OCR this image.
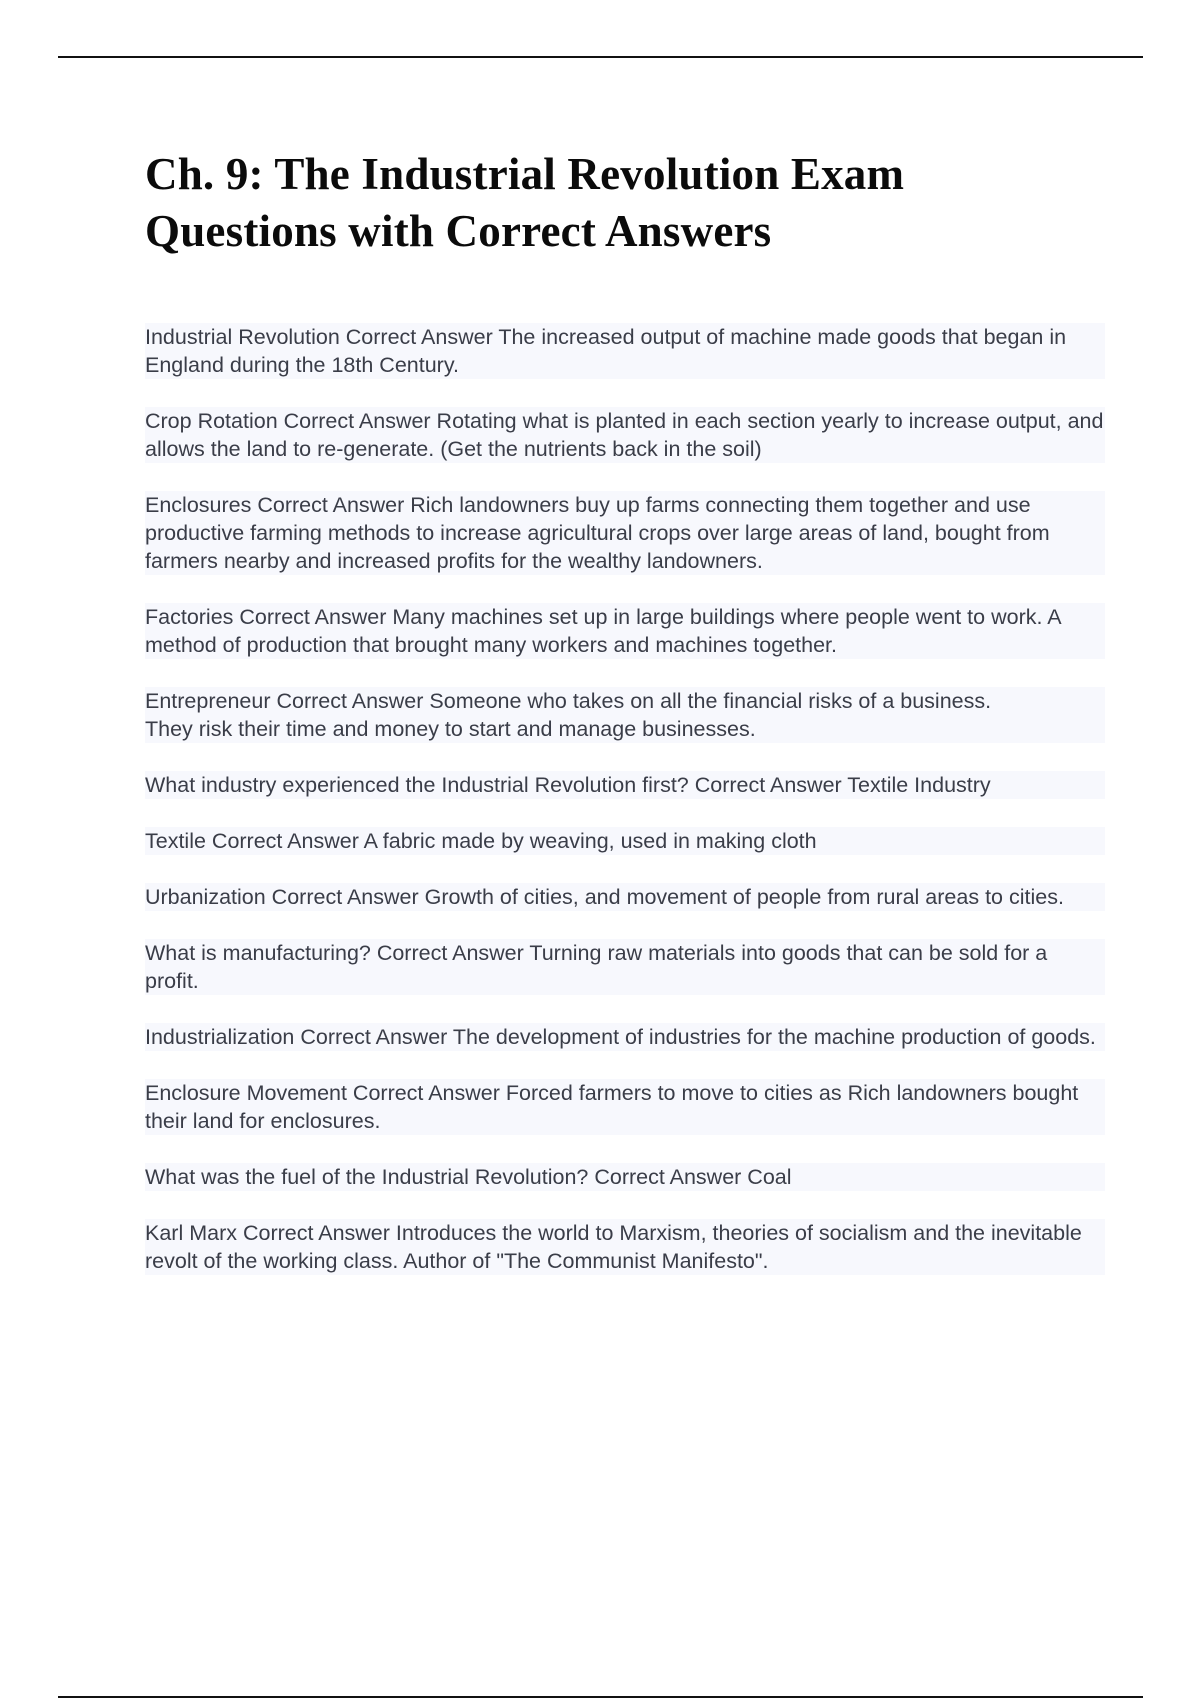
Ch. 9: The Industrial Revolution Exam Questions with Correct Answers
Industrial Revolution Correct Answer The increased output of machine made goods that began in England during the 18th Century.
Crop Rotation Correct Answer Rotating what is planted in each section yearly to increase output, and allows the land to re-generate. (Get the nutrients back in the soil)
Enclosures Correct Answer Rich landowners buy up farms connecting them together and use productive farming methods to increase agricultural crops over large areas of land, bought from farmers nearby and increased profits for the wealthy landowners.
Factories Correct Answer Many machines set up in large buildings where people went to work. A method of production that brought many workers and machines together.
Entrepreneur Correct Answer Someone who takes on all the financial risks of a business.
They risk their time and money to start and manage businesses.
What industry experienced the Industrial Revolution first? Correct Answer Textile Industry
Textile Correct Answer A fabric made by weaving, used in making cloth
Urbanization Correct Answer Growth of cities, and movement of people from rural areas to cities.
What is manufacturing? Correct Answer Turning raw materials into goods that can be sold for a profit.
Industrialization Correct Answer The development of industries for the machine production of goods.
Enclosure Movement Correct Answer Forced farmers to move to cities as Rich landowners bought their land for enclosures.
What was the fuel of the Industrial Revolution? Correct Answer Coal
Karl Marx Correct Answer Introduces the world to Marxism, theories of socialism and the inevitable revolt of the working class. Author of "The Communist Manifesto".
